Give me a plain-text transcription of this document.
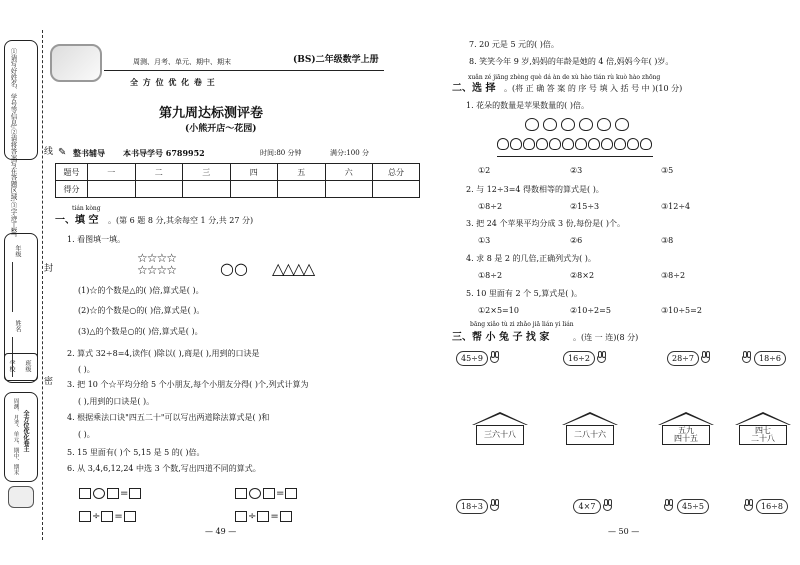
①请写好姓名、学号等信息;②请将答案写在答题区域;③字迹工整。
年级
姓名
学校 班级
周测、月考、单元、期中、期末 全方位优化卷王
线
封
密
周测、月考、单元、期中、期末	(BS)二年级数学上册
全 方 位 优 化 卷 王
第九周达标测评卷
(小熊开店～花园)
✎ 整书辅导 本书导学号 6789952	时间:80 分钟	满分:100 分
题号	一	二	三	四	五	六	总分
得分							
tián kòng
一、填 空 。(第 6 题 8 分,其余每空 1 分,共 27 分)
1. 看图填一填。
☆☆☆☆
☆☆☆☆	○○ △△△△
(1)☆的个数是△的( )倍,算式是( )。
(2)☆的个数是○的( )倍,算式是( )。
(3)△的个数是○的( )倍,算式是( )。
2. 算式 32÷8=4,读作( )除以( ),商是( ),用到的口诀是
( )。
3. 把 10 个☆平均分给 5 个小朋友,每个小朋友分得( )个,列式计算为
( ),用到的口诀是( )。
4. 根据乘法口诀"四五二十"可以写出两道除法算式是( )和
( )。
5. 15 里面有( )个 5,15 是 5 的( )倍。
6. 从 3,4,6,12,24 中选 3 个数,写出四道不同的算式。
=	=
÷ =	÷ =
— 49 —
7. 20 元是 5 元的( )倍。
8. 笑笑今年 9 岁,妈妈的年龄是她的 4 倍,妈妈今年( )岁。
xuǎn zé jiāng zhèng què dá àn de xù hào tián rù kuò hào zhōng
二、选 择 。(将 正 确 答 案 的 序 号 填 入 括 号 中 )(10 分)
1. 花朵的数量是苹果数量的( )倍。
①2	②3	③5
2. 与 12÷3=4 得数相等的算式是( )。
①8÷2	②15÷3	③12÷4
3. 把 24 个苹果平均分成 3 份,每份是( )个。
①3	②6	③8
4. 求 8 是 2 的几倍,正确列式为( )。
①8÷2	②8×2	③8÷2
5. 10 里面有 2 个 5,算式是( )。
①2×5=10	②10÷2=5	③10÷5=2
bāng xiǎo tù zi zhǎo jiā lián yi lián
三、帮 小 兔 子 找 家	。(连 一 连)(8 分)
45÷9	16÷2	28÷7	18÷6
三六十八	二八十六	五九
四十五
四七
二十八
18÷3	4×7	45÷5	16÷8
— 50 —
